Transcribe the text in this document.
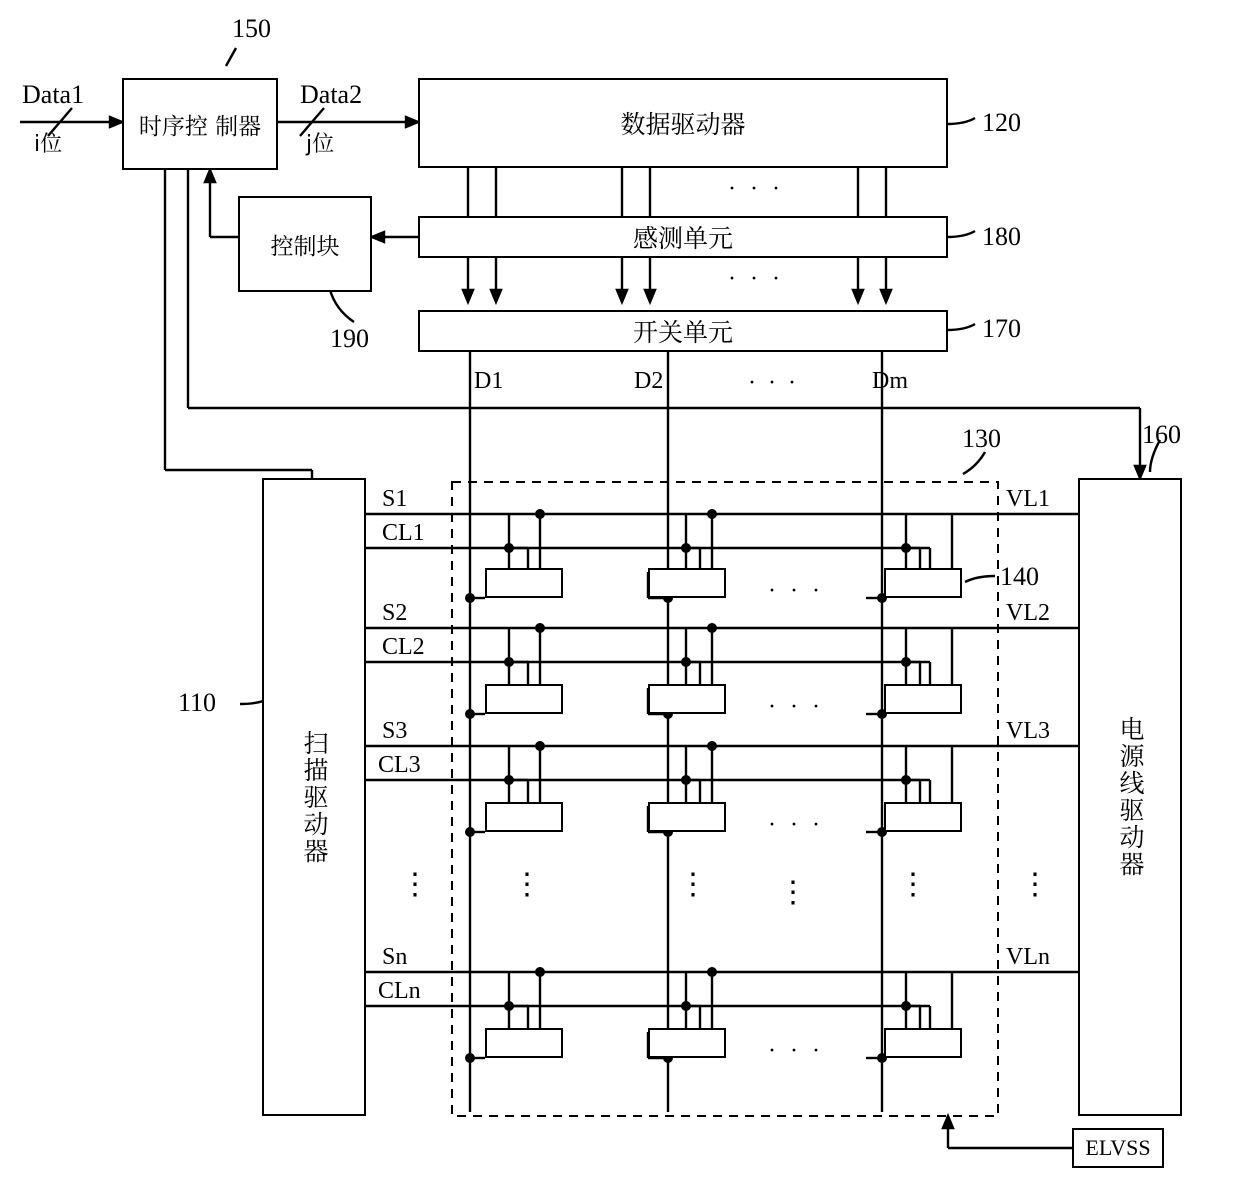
时序控 制器	数据驱动器
感测单元
开关单元
控制块
扫描驱动器	电源线驱动器
ELVSS
Data1
i位
Data2
j位
150
120
180
170
190
110
160
130
140
D1	D2	· · ·	Dm
· · ·
· · ·
S1
CL1
VL1
S2
CL2
VL2
S3
CL3
VL3
Sn
CLn
VLn
· · ·
· · ·
· · ·
· · ·
⋮	⋮	⋮ ⋮	⋮	⋮
